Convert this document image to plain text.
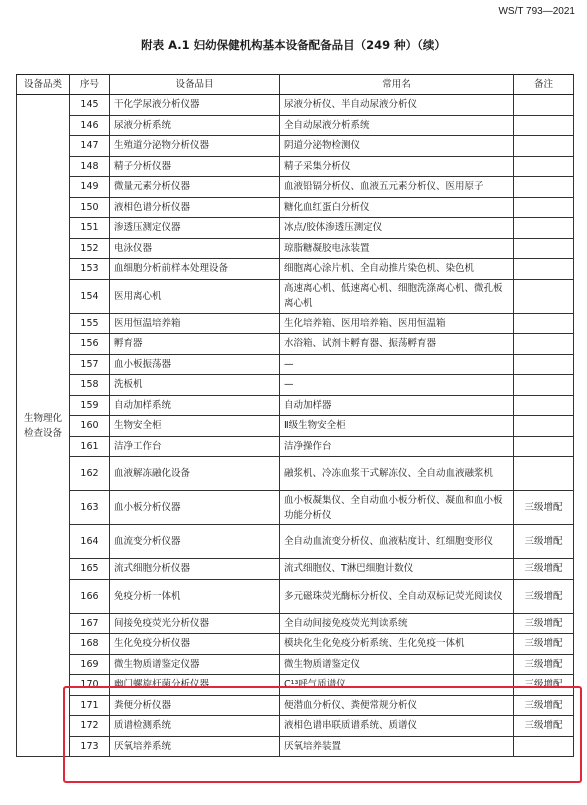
WS/T 793—2021
附表 A.1 妇幼保健机构基本设备配备品目（249 种）（续）
设备品类	序号	设备品目	常用名	备注

生物理化
检查设备	145	干化学尿液分析仪器	尿液分析仪、半自动尿液分析仪	
	146	尿液分析系统	全自动尿液分析系统	
	147	生殖道分泌物分析仪器	阴道分泌物检测仪	
	148	精子分析仪器	精子采集分析仪	
	149	微量元素分析仪器	血液铅镉分析仪、血液五元素分析仪、医用原子	
	150	液相色谱分析仪器	糖化血红蛋白分析仪	
	151	渗透压测定仪器	冰点/胶体渗透压测定仪	
	152	电泳仪器	琼脂糖凝胶电泳装置	
	153	血细胞分析前样本处理设备	细胞离心涂片机、全自动推片染色机、染色机	
	154	医用离心机	高速离心机、低速离心机、细胞洗涤离心机、微孔板离心机	
	155	医用恒温培养箱	生化培养箱、医用培养箱、医用恒温箱	
	156	孵育器	水浴箱、试剂卡孵育器、振荡孵育器	
	157	血小板振荡器	—	
	158	洗板机	—	
	159	自动加样系统	自动加样器	
	160	生物安全柜	Ⅱ级生物安全柜	
	161	洁净工作台	洁净操作台	
	162	血液解冻融化设备	融浆机、冷冻血浆干式解冻仪、全自动血液融浆机	
	163	血小板分析仪器	血小板凝集仪、全自动血小板分析仪、凝血和血小板功能分析仪	三级增配
	164	血流变分析仪器	全自动血流变分析仪、血液粘度计、红细胞变形仪	三级增配
	165	流式细胞分析仪器	流式细胞仪、T淋巴细胞计数仪	三级增配
	166	免疫分析一体机	多元磁珠荧光酶标分析仪、全自动双标记荧光阅读仪	三级增配
	167	间接免疫荧光分析仪器	全自动间接免疫荧光判读系统	三级增配
	168	生化免疫分析仪器	模块化生化免疫分析系统、生化免疫一体机	三级增配
	169	微生物质谱鉴定仪器	微生物质谱鉴定仪	三级增配
	170	幽门螺旋杆菌分析仪器	C¹³呼气质谱仪	三级增配
	171	粪便分析仪器	便潜血分析仪、粪便常规分析仪	三级增配
	172	质谱检测系统	液相色谱串联质谱系统、质谱仪	三级增配
	173	厌氧培养系统	厌氧培养装置	
